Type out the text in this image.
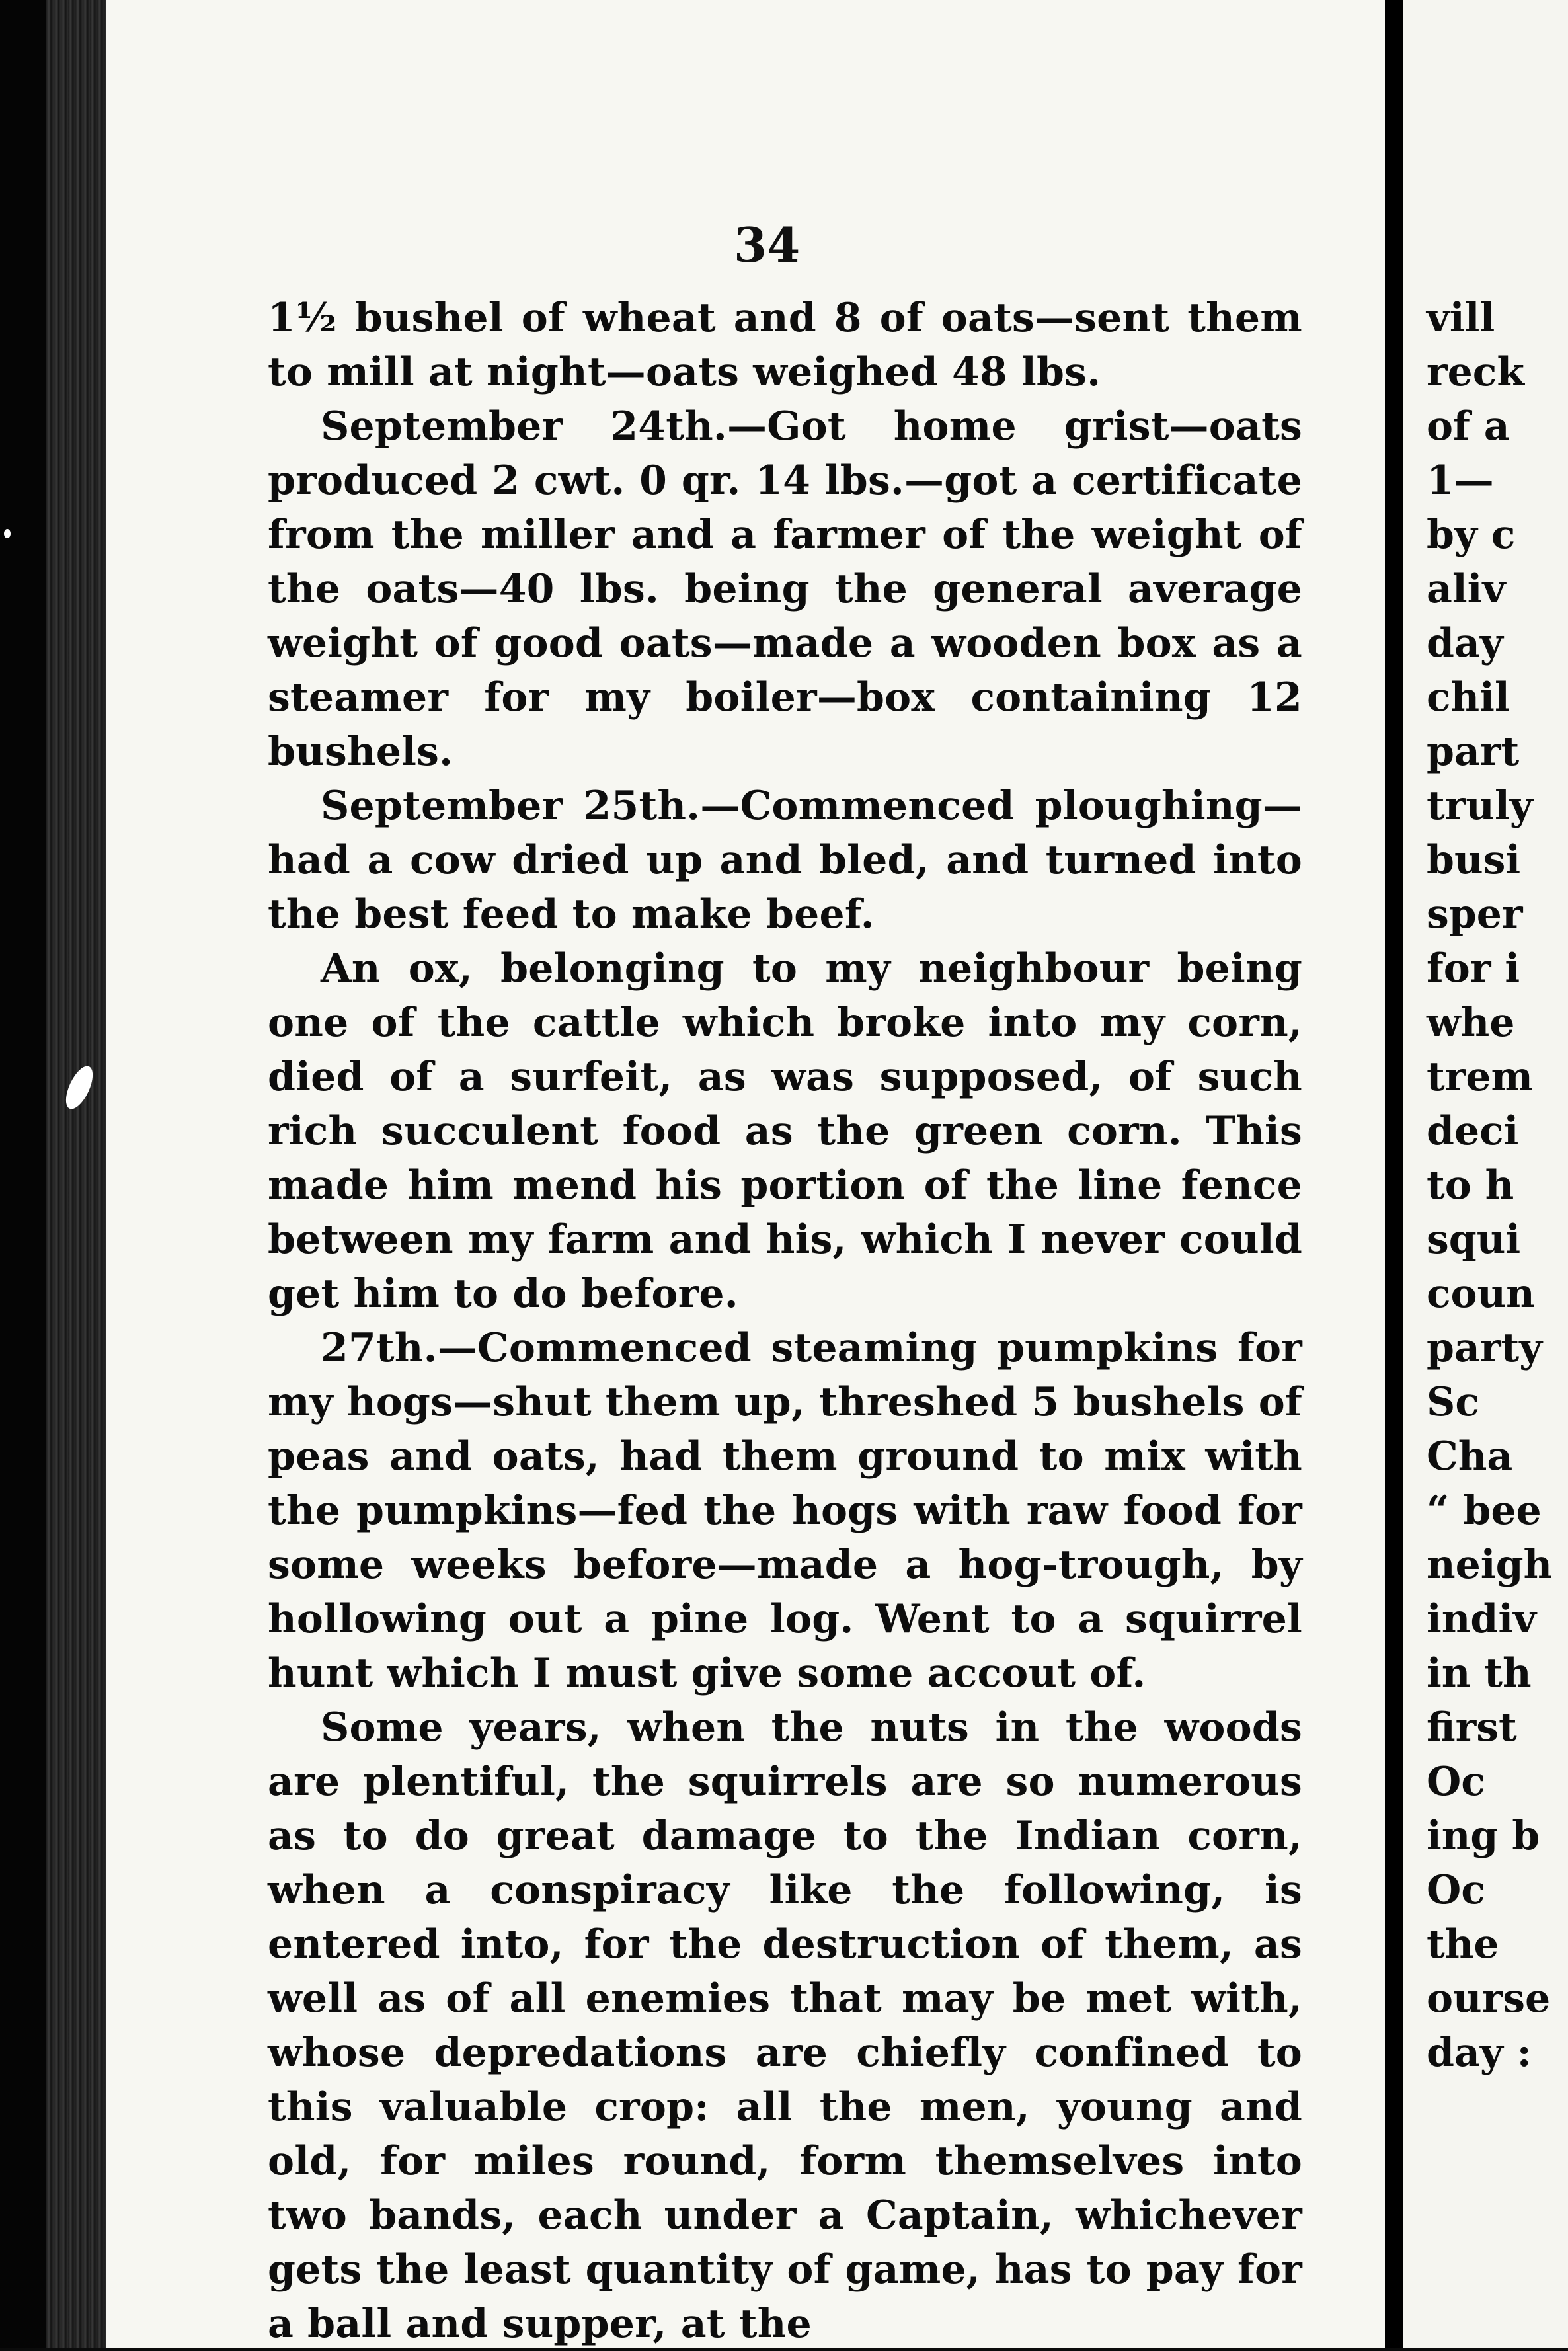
34

1½ bushel of wheat and 8 of oats—sent them to mill at night—oats weighed 48 lbs.

September 24th.—Got home grist—oats produced 2 cwt. 0 qr. 14 lbs.—got a certificate from the miller and a farmer of the weight of the oats—40 lbs. being the general average weight of good oats—made a wooden box as a steamer for my boiler—box containing 12 bushels.

September 25th.—Commenced ploughing—had a cow dried up and bled, and turned into the best feed to make beef.

An ox, belonging to my neighbour being one of the cattle which broke into my corn, died of a surfeit, as was supposed, of such rich succulent food as the green corn. This made him mend his portion of the line fence between my farm and his, which I never could get him to do before.

27th.—Commenced steaming pumpkins for my hogs—shut them up, threshed 5 bushels of peas and oats, had them ground to mix with the pumpkins—fed the hogs with raw food for some weeks before—made a hog-trough, by hollowing out a pine log. Went to a squirrel hunt which I must give some accout of.

Some years, when the nuts in the woods are plentiful, the squirrels are so numerous as to do great damage to the Indian corn, when a conspiracy like the following, is entered into, for the destruction of them, as well as of all enemies that may be met with, whose depredations are chiefly confined to this valuable crop: all the men, young and old, for miles round, form themselves into two bands, each under a Captain, whichever gets the least quantity of game, has to pay for a ball and supper, at the

vill
reck
of a
1—
by c
aliv
day
chil
part
truly
busi
sper
for i
whe
trem
deci
to h
squi
coun
party
Sc
Cha
“ bee
neigh
indiv
in th
first
Oc
ing b
Oc
the
ourse
day :
